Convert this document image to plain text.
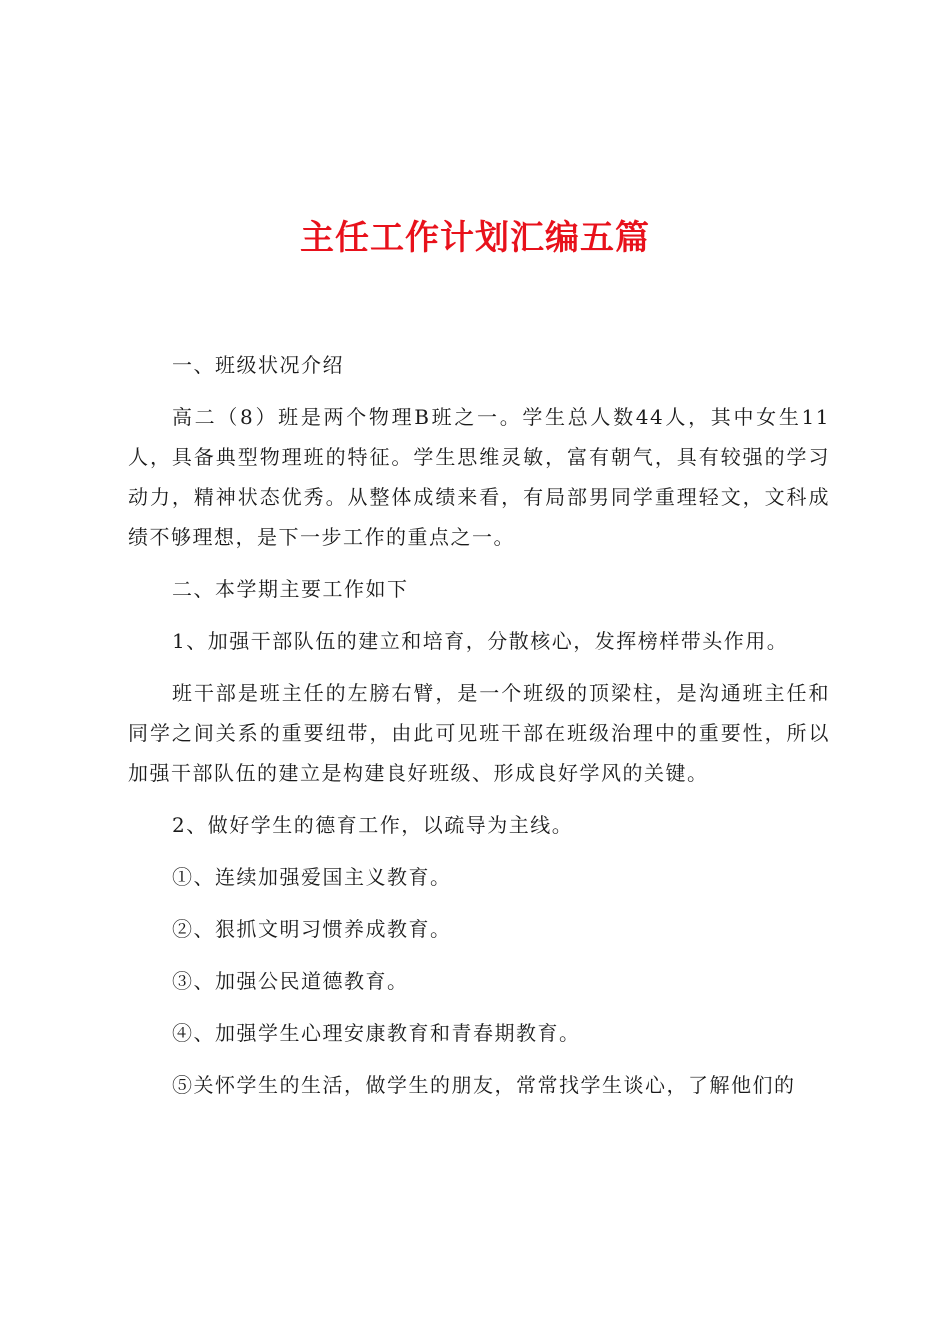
主任工作计划汇编五篇

一、班级状况介绍

高二（8）班是两个物理B班之一。学生总人数44人，其中女生11人，具备典型物理班的特征。学生思维灵敏，富有朝气，具有较强的学习动力，精神状态优秀。从整体成绩来看，有局部男同学重理轻文，文科成绩不够理想，是下一步工作的重点之一。

二、本学期主要工作如下

1、加强干部队伍的建立和培育，分散核心，发挥榜样带头作用。

班干部是班主任的左膀右臂，是一个班级的顶梁柱，是沟通班主任和同学之间关系的重要纽带，由此可见班干部在班级治理中的重要性，所以加强干部队伍的建立是构建良好班级、形成良好学风的关键。

2、做好学生的德育工作，以疏导为主线。

①、连续加强爱国主义教育。

②、狠抓文明习惯养成教育。

③、加强公民道德教育。

④、加强学生心理安康教育和青春期教育。

⑤关怀学生的生活，做学生的朋友，常常找学生谈心，了解他们的
